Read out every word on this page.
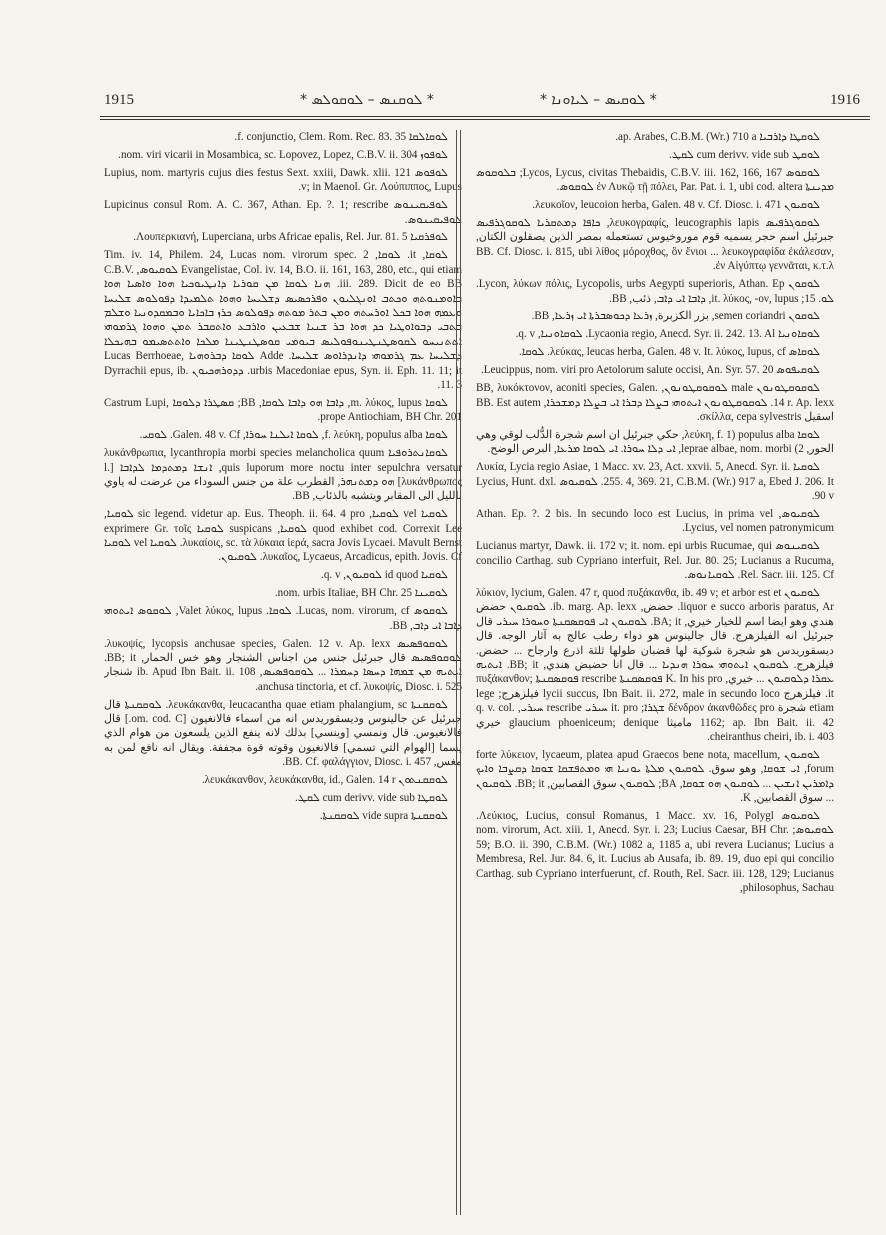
1915	* ܠܘܩܢܣ – ܠܘܩܘܠܣ *	* ܠܘܩܝܣ – ܠܝܐܘܢܐ *	1916

ܠܘܩܐܠܩܐ f. conjunctio, Clem. Rom. Rec. 83. 35.

ܠܘܦܘܙ nom. viri vicarii in Mosambica, sc. Lopovez, Lopez, C.B.V. ii. 304.

ܠܘܦܘܣ Lupius, nom. martyris cujus dies festus Sext. xxiii, Dawk. xlii. 121 v; in Maenol. Gr. Λούπιππος, Lupus.

ܠܘܦܝܩܝܢܘܣ Lupicinus consul Rom. A. C. 367, Athan. Ep. ?. 1; rescribe ܠܘܦܝܩܝܢܘܣ.

ܠܘܦܪܩܝܐ Λουπερκιανή, Luperciana, urbs Africae epalis, Rel. Jur. 81. 5.

ܠܘܩܐ, it. ܠܘܩܐ, 2 Tim. iv. 14, Philem. 24, Lucas nom. virorum spec. Evangelistae, Col. iv. 14, B.O. ii. 161, 163, 280, etc., qui etiam ܠܘܩܝܘܣ, C.B.V. iii. 289. Dicit de eo BB. ܗܢܐ ܠܘܩܐ ܡܢ ܩܘܪܝܐ ܕܐܢܛܝܘܟܝܐ ܗܘܐ ܘܐܣܝܐ ܗܘܐ ܒܐܘܡܢܘܬܗ ܘܟܬܒ ܐܘܢܓܠܝܘܢ ܘܦܪܟܣܝܣ ܕܫܠܝܚܐ ܘܗܘܐ ܬܠܡܝܕܐ ܕܦܘܠܘܣ ܫܠܝܚܐ ܘܥܡܗ ܗܘܐ ܒܟܠ ܐܘܪܚܬܗ ܘܡܢ ܒܬܪ ܡܘܬܗ ܕܦܘܠܘܣ ܟܪܙ ܒܐܟܐܝܐ ܘܒܡܩܕܘܢܝܐ ܘܫܠܡ ܒܬܒܝ ܕܒܘܐܘܛܝܐ ܟܕ ܗܘܐ ܒܪ ܫܢܝܐ ܫܒܥܝܢ ܘܐܪܒܥ ܘܐܬܩܒܪ ܬܡܢ ܘܗܘܐ ܓܪܡܘܗܝ ܐܬܬܢܝܚܘ ܠܩܘܣܛܢܛܝܢܘܦܘܠܝܣ ܒܝܘܡܝ ܩܘܣܛܢܛܝܢܐ ܡܠܟܐ ܘܐܬܬܣܝܡܘ ܒܗܝܟܠܐ ܕܫܠܝܚܐ ܥܡ ܓܪܡܘܗܝ ܕܐܢܕܪܐܘܣ ܫܠܝܚܐ. Adde ܠܘܩܐ ܕܒܪܘܗܝܐ Lucas Berrhoeae, urbis Macedoniae epus, Syn. ii. Eph. 11. 11; it. ܕܕܘܪܗܟܝܘܢ Dyrrachii epus, ib. 11. 3.

ܠܘܩܐ m. λύκος, lupus, ܕܐܒܐ ܗܘ ܕܐܒܐ ܠܘܩܐ, BB; ܩܣܛܪܐ ܕܠܘܩܐ Castrum Lupi, prope Antiochiam, BH Chr. 201.

ܠܘܩܐ f. λεύκη, populus alba, ܠܘܩܐ ܐܝܠܢܐ ܚܘܪܐ, Galen. 48 v. Cf. ܠܘܩܝ.

ܠܘܩܐܢܬܪܘܦܝܐ λυκάνθρωπια, lycanthropia morbi species melancholica quum quis luporum more noctu inter sepulchra versatur, ܐܢܫܐ ܕܡܬܕܡܐ ܠܕܐܒܐ [l. λυκάνθρωπος] ܗܘ ܕܡܬܢܗܪ, القطرب علة من جنس السوداء من عرضت له ياوي بالليل الى المقابر ويتشبه بالذئاب, BB.

ܠܘܩܝܐ vel ܠܘܩܝܐ, sic legend. videtur ap. Eus. Theoph. ii. 64. 4 pro ܠܘܩܝܐ, quod exhibet cod. Correxit Lee ܠܘܩܝܐ, suspicans ܠܘܩܝܐ exprimere Gr. τοῖς λυκαίοις, sc. τὰ λύκαια ἱερά, sacra Jovis Lycaei. Mavult Bernst. ܠܘܩܝܐ vel ܠܘܩܝܐ λυκαῖος, Lycaeus, Arcadicus, epith. Jovis. Cf. ܠܘܩܝܘܢ.

ܠܘܩܝܐ id quod ܠܘܩܝܘܢ, q. v.

ܠܘܩܝܢܐ nom. urbis Italiae, BH Chr. 25.

ܠܘܩܘܣ Lucas, nom. virorum, cf. ܠܘܩܐ. Valet λύκος, lupus, ܠܘܩܘܣ ܐܝܬܘܗܝ ܕܐܒܐ ܐܝ ܕܐܒ, BB.

ܠܘܩܘܦܣܝܣ λυκοψίς, lycopsis anchusae species, Galen. 12 v. Ap. lexx. ܠܘܩܘܦܣܝܣ قال جبرئيل جنس من اجناس الشنجار وهو خس الحمار, BB; it. ܐܝܬܝܗ ܡܢ ܫܡܗܐ ܕܚܣܐ ܕܚܡܪܐ ... ܠܘܩܘܦܣܝܣ, ib. Apud Ibn Bait. ii. 108 شنجار anchusa tinctoria, et cf. λυκοψίς, Diosc. i. 525.

ܠܘܩܩܢܬܐ λευκάκανθα, leucacantha quae etiam phalangium, sc. ܠܘܩܩܢܬܐ قال جبرئيل عن جالينوس وديسقوريدس انه من اسماء فالانغيون [om. cod. C.] قال فالانغيوس. قال ونمسي [وينسي] بذلك لانه ينفع الذين يلسعون من هوام الذي يسما [الهوام التي تسمي] فالانغيون وقوته قوة مجففة. ويقال انه نافع لمن به مغس, BB. Cf. φαλάγγιον, Diosc. i. 457.

ܠܘܩܩܢܬܘܢ λευκάκανθον, λευκάκανθα, id., Galen. 14 r.

ܠܘܩܛܐ cum derivv. vide sub ܠܩܛ.

ܠܘܩܩܢܬܐ vide supra ܠܘܩܩܢܬܐ.

ܠܘܩܛܐ ܕܐܪܒܝܐ ap. Arabes, C.B.M. (Wr.) 710 a.

ܠܘܩܛ cum derivv. vide sub ܠܩܛ.

ܠܘܩܘܣ Lycos, Lycus, civitas Thebaidis, C.B.V. iii. 162, 166, 167; ܒܠܘܩܘܣ ܡܕܝܢܬܐ ἐν Λυκῷ τῇ πόλει, Par. Pat. i. 1, ubi cod. altera ܠܘܩܘܣ.

ܠܘܩܝܘܢ λευκοῖον, leucoion herba, Galen. 48 v. Cf. Diosc. i. 471.

ܠܘܩܘܓܪܦܝܣ λευκογραφίς, leucographis lapis, ܟܐܦܐ ܕܡܬܩܪܝܐ ܠܘܩܘܓܪܦܝܣ جبرئيل اسم حجر يسميه قوم موروخيوس تستعمله بمصر الذين يصقلون الكتان, BB. Cf. Diosc. i. 815, ubi λίθος μόροχθος, ὃν ἔνιοι ... λευκογραφίδα ἐκάλεσαν, ἐν Αἰγύπτῳ γεννᾶται, κ.τ.λ.

ܠܘܩܘܢ Lycon, λύκων πόλις, Lycopolis, urbs Aegypti superioris, Athan. Ep. ܠܘ. 15; it. λύκος, -ον, lupus, ܕܐܒܐ ܐܝ ܕܐܒ, ذئب, BB.

ܠܘܩܘܢ semen coriandri, بزر الكزبرة, ܙܪܥܐ ܕܟܘܣܒܪܬܐ ܐܝ ܙܪܥܐ, BB.

ܠܘܩܐܘܢܝܐ Lycaonia regio, Anecd. Syr. ii. 242. 13. Al. ܠܘܩܐܘܢܝܐ, q. v.

ܠܘܩܐܣ λεύκας, leucas herba, Galen. 48 v. It. λύκος, lupus, cf. ܠܘܩܐ.

ܠܘܩܝܦܘܣ Leucippus, nom. viri pro Aetolorum salute occisi, An. Syr. 57. 20.

ܠܘܩܘܩܛܘܢܘܢ male ܠܘܩܘܩܛܘܢܘܢ, BB, λυκόκτονον, aconiti species, Galen. 14 r. Ap. lexx. ܠܘܩܘܩܛܘܢܘܢ ܐܝܬܘܗܝ ܒܨܠܐ ܕܒܪܐ ܐܝ ܒܨܠܐ ܕܡܫܟܪܐ, BB. Est autem اسقيل σκίλλα, cepa sylvestris.

ܠܘܩܐ λεύκη, f. 1) populus alba, حكي جبرئيل ان اسم شجرة الدُّلب لوقي وهي الحور, 2) leprae albae, nom. morbi, ܐܝ ܕܠܐ ܚܘܪܐ. ܐܝ ܠܘܩܐ ܡܪܥܐ, البرص الوضح.

ܠܘܩܝܐ Λυκία, Lycia regio Asiae, 1 Macc. xv. 23, Act. xxvii. 5, Anecd. Syr. ii. 255. 4, 369. 21, C.B.M. (Wr.) 917 a, Ebed J. 206. It. ܠܘܩܝܘܣ Lycius, Hunt. dxl. 90 v.

ܠܘܩܝܘܣ, Athan. Ep. ?. 2 bis. In secundo loco est Lucius, in prima vel Lycius, vel nomen patronymicum.

ܠܘܩܝܢܘܣ Lucianus martyr, Dawk. ii. 172 v; it. nom. epi urbis Rucumae, qui concilio Carthag. sub Cypriano interfuit, Rel. Jur. 80. 25; Lucianus a Rucuma, Rel. Sacr. iii. 125. Cf. ܠܘܩܝܐܢܘܣ.

ܠܘܩܝܘܢ λύκιον, lycium, Galen. 47 r, quod πυξάκανθα, ib. 49 v; et arbor est et liquor e succo arboris paratus, Ar. حضض, ib. marg. Ap. lexx. ܠܘܩܝܘܢ حضض هندي وهو ايضا اسم للخيار خيري, BA; it. ܠܘܩܝܘܢ ܐܝ ܦܘܩܣܩܢܬܐ ܘܚܘܪܐ ܚܝܪܝ قال جبرئيل انه الفيلزهرج. قال جالينوس هو دواء رطب عالج به آثار الوجه. قال ديسقوريدس هو شجرة شوكية لها قضبان طولها ثلثة اذرع وارجاح ... حضض. فيلزهرج. ܠܘܩܝܘܢ ܐܝܬܘܗܝ ܚܘܪܐ ܗܢܕܝܐ ... قال انا حضيض هندي, BB; it. ܐܝܬܝܗ ܥܩܪܐ ܕܠܘܩܝܘܢ ... خيري, K. In his pro ܦܘܩܣܩܢܬܐ rescribe ܦܘܩܣܩܢܬܐ πυξάκανθον; it. فيلزهرج lycii succus, Ibn Bait. ii. 272, male in secundo loco فيلزهرج; lege etiam شجرة δένδρον ἀκανθῶδες pro ܫܓܪܐ; it. pro ܚܝܪܝ rescribe ܚܝܪܝ, q. v. col. 1162; ap. Ibn Bait. ii. 42 ماميثا glaucium phoeniceum; denique خيري cheiranthus cheiri, ib. i. 403.

ܠܘܩܝܘܢ forte λύκειον, lycaeum, platea apud Graecos bene nota, macellum, forum, ܐܝ ܫܘܩܐ, وهو سوق. ܠܘܩܝܘܢ ܡܠܬܐ ܝܘܢܝܐ ܗܝ ܘܡܬܦܫܩܐ ܫܘܩܐ ܕܩܨܒܐ ܘܐܝܟ ܕܐܡܪܝܢ ܐܢܫܝܢ ... ܠܘܩܝܘܢ ܗܘ ܫܘܩܐ, BA; ܠܘܩܝܘܢ سوق القصابين, BB; it. ܠܘܩܝܘܢ ... سوق القصابين, K.

ܠܘܩܝܘܣ Λεύκιος, Lucius, consul Romanus, 1 Macc. xv. 16, Polygl. ܠܘܩܝܘܣ; nom. virorum, Act. xiii. 1, Anecd. Syr. i. 23; Lucius Caesar, BH Chr. 59; B.O. ii. 390, C.B.M. (Wr.) 1082 a, 1185 a, ubi revera Lucianus; Lucius a Membresa, Rel. Jur. 84. 6, it. Lucius ab Ausafa, ib. 89. 19, duo epi qui concilio Carthag. sub Cypriano interfuerunt, cf. Routh, Rel. Sacr. iii. 128, 129; Lucianus philosophus, Sachau,
